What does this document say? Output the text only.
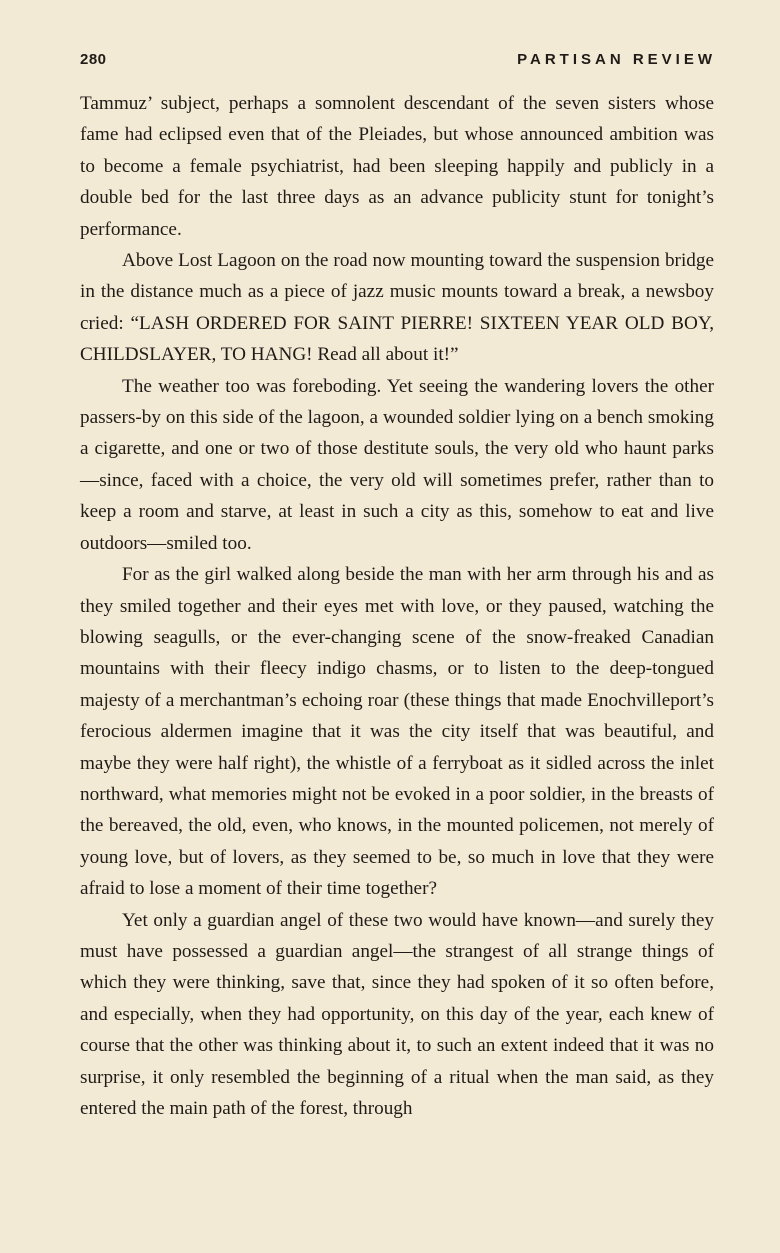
280	PARTISAN REVIEW

Tammuz’ subject, perhaps a somnolent descendant of the seven sisters whose fame had eclipsed even that of the Pleiades, but whose announced ambition was to become a female psychiatrist, had been sleeping happily and publicly in a double bed for the last three days as an advance publicity stunt for tonight’s performance.

Above Lost Lagoon on the road now mounting toward the suspension bridge in the distance much as a piece of jazz music mounts toward a break, a newsboy cried: “LASH ORDERED FOR SAINT PIERRE! SIXTEEN YEAR OLD BOY, CHILDSLAYER, TO HANG! Read all about it!”

The weather too was foreboding. Yet seeing the wandering lovers the other passers-by on this side of the lagoon, a wounded soldier lying on a bench smoking a cigarette, and one or two of those destitute souls, the very old who haunt parks—since, faced with a choice, the very old will sometimes prefer, rather than to keep a room and starve, at least in such a city as this, somehow to eat and live outdoors—smiled too.

For as the girl walked along beside the man with her arm through his and as they smiled together and their eyes met with love, or they paused, watching the blowing seagulls, or the ever-changing scene of the snow-freaked Canadian mountains with their fleecy indigo chasms, or to listen to the deep-tongued majesty of a merchantman’s echoing roar (these things that made Enochvilleport’s ferocious aldermen imagine that it was the city itself that was beautiful, and maybe they were half right), the whistle of a ferryboat as it sidled across the inlet northward, what memories might not be evoked in a poor soldier, in the breasts of the bereaved, the old, even, who knows, in the mounted policemen, not merely of young love, but of lovers, as they seemed to be, so much in love that they were afraid to lose a moment of their time together?

Yet only a guardian angel of these two would have known—and surely they must have possessed a guardian angel—the strangest of all strange things of which they were thinking, save that, since they had spoken of it so often before, and especially, when they had opportunity, on this day of the year, each knew of course that the other was thinking about it, to such an extent indeed that it was no surprise, it only resembled the beginning of a ritual when the man said, as they entered the main path of the forest, through
